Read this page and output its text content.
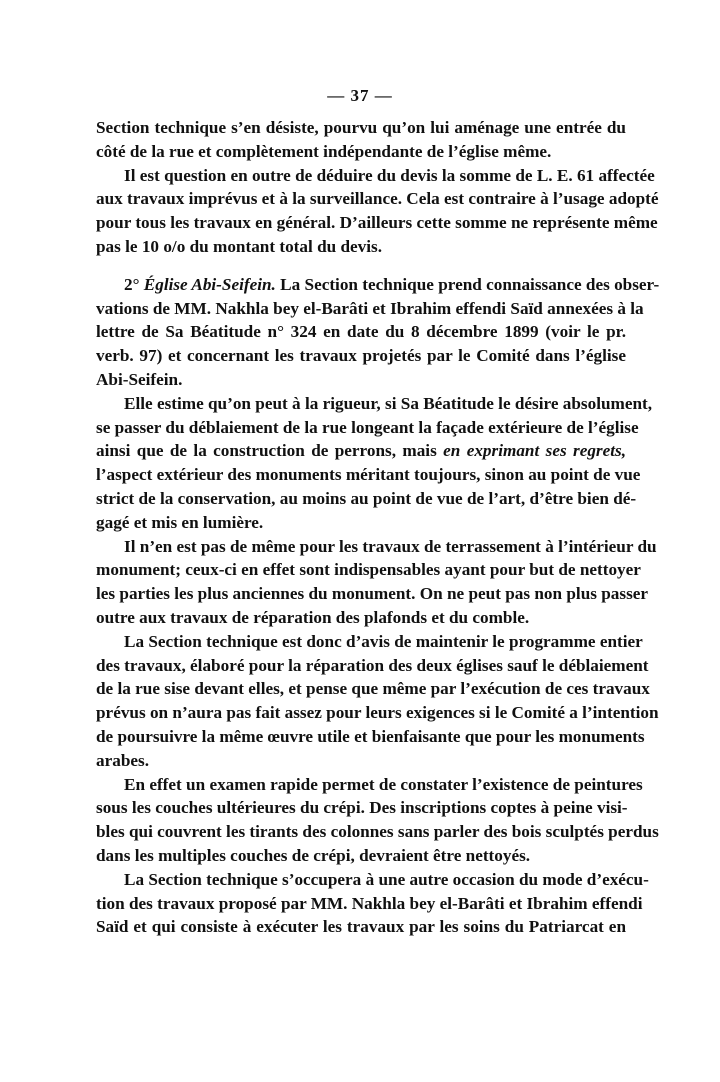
— 37 —
Section technique s’en désiste, pourvu qu’on lui aménage une entrée du
côté de la rue et complètement indépendante de l’église même.
Il est question en outre de déduire du devis la somme de L. E. 61 affectée
aux travaux imprévus et à la surveillance. Cela est contraire à l’usage adopté
pour tous les travaux en général. D’ailleurs cette somme ne représente même
pas le 10 o/o du montant total du devis.
2° Église Abi-Seifein. La Section technique prend connaissance des obser-
vations de MM. Nakhla bey el-Barâti et Ibrahim effendi Saïd annexées à la
lettre de Sa Béatitude n° 324 en date du 8 décembre 1899 (voir le pr.
verb. 97) et concernant les travaux projetés par le Comité dans l’église
Abi-Seifein.
Elle estime qu’on peut à la rigueur, si Sa Béatitude le désire absolument,
se passer du déblaiement de la rue longeant la façade extérieure de l’église
ainsi que de la construction de perrons, mais en exprimant ses regrets,
l’aspect extérieur des monuments méritant toujours, sinon au point de vue
strict de la conservation, au moins au point de vue de l’art, d’être bien dé-
gagé et mis en lumière.
Il n’en est pas de même pour les travaux de terrassement à l’intérieur du
monument; ceux-ci en effet sont indispensables ayant pour but de nettoyer
les parties les plus anciennes du monument. On ne peut pas non plus passer
outre aux travaux de réparation des plafonds et du comble.
La Section technique est donc d’avis de maintenir le programme entier
des travaux, élaboré pour la réparation des deux églises sauf le déblaiement
de la rue sise devant elles, et pense que même par l’exécution de ces travaux
prévus on n’aura pas fait assez pour leurs exigences si le Comité a l’intention
de poursuivre la même œuvre utile et bienfaisante que pour les monuments
arabes.
En effet un examen rapide permet de constater l’existence de peintures
sous les couches ultérieures du crépi. Des inscriptions coptes à peine visi-
bles qui couvrent les tirants des colonnes sans parler des bois sculptés perdus
dans les multiples couches de crépi, devraient être nettoyés.
La Section technique s’occupera à une autre occasion du mode d’exécu-
tion des travaux proposé par MM. Nakhla bey el-Barâti et Ibrahim effendi
Saïd et qui consiste à exécuter les travaux par les soins du Patriarcat en
